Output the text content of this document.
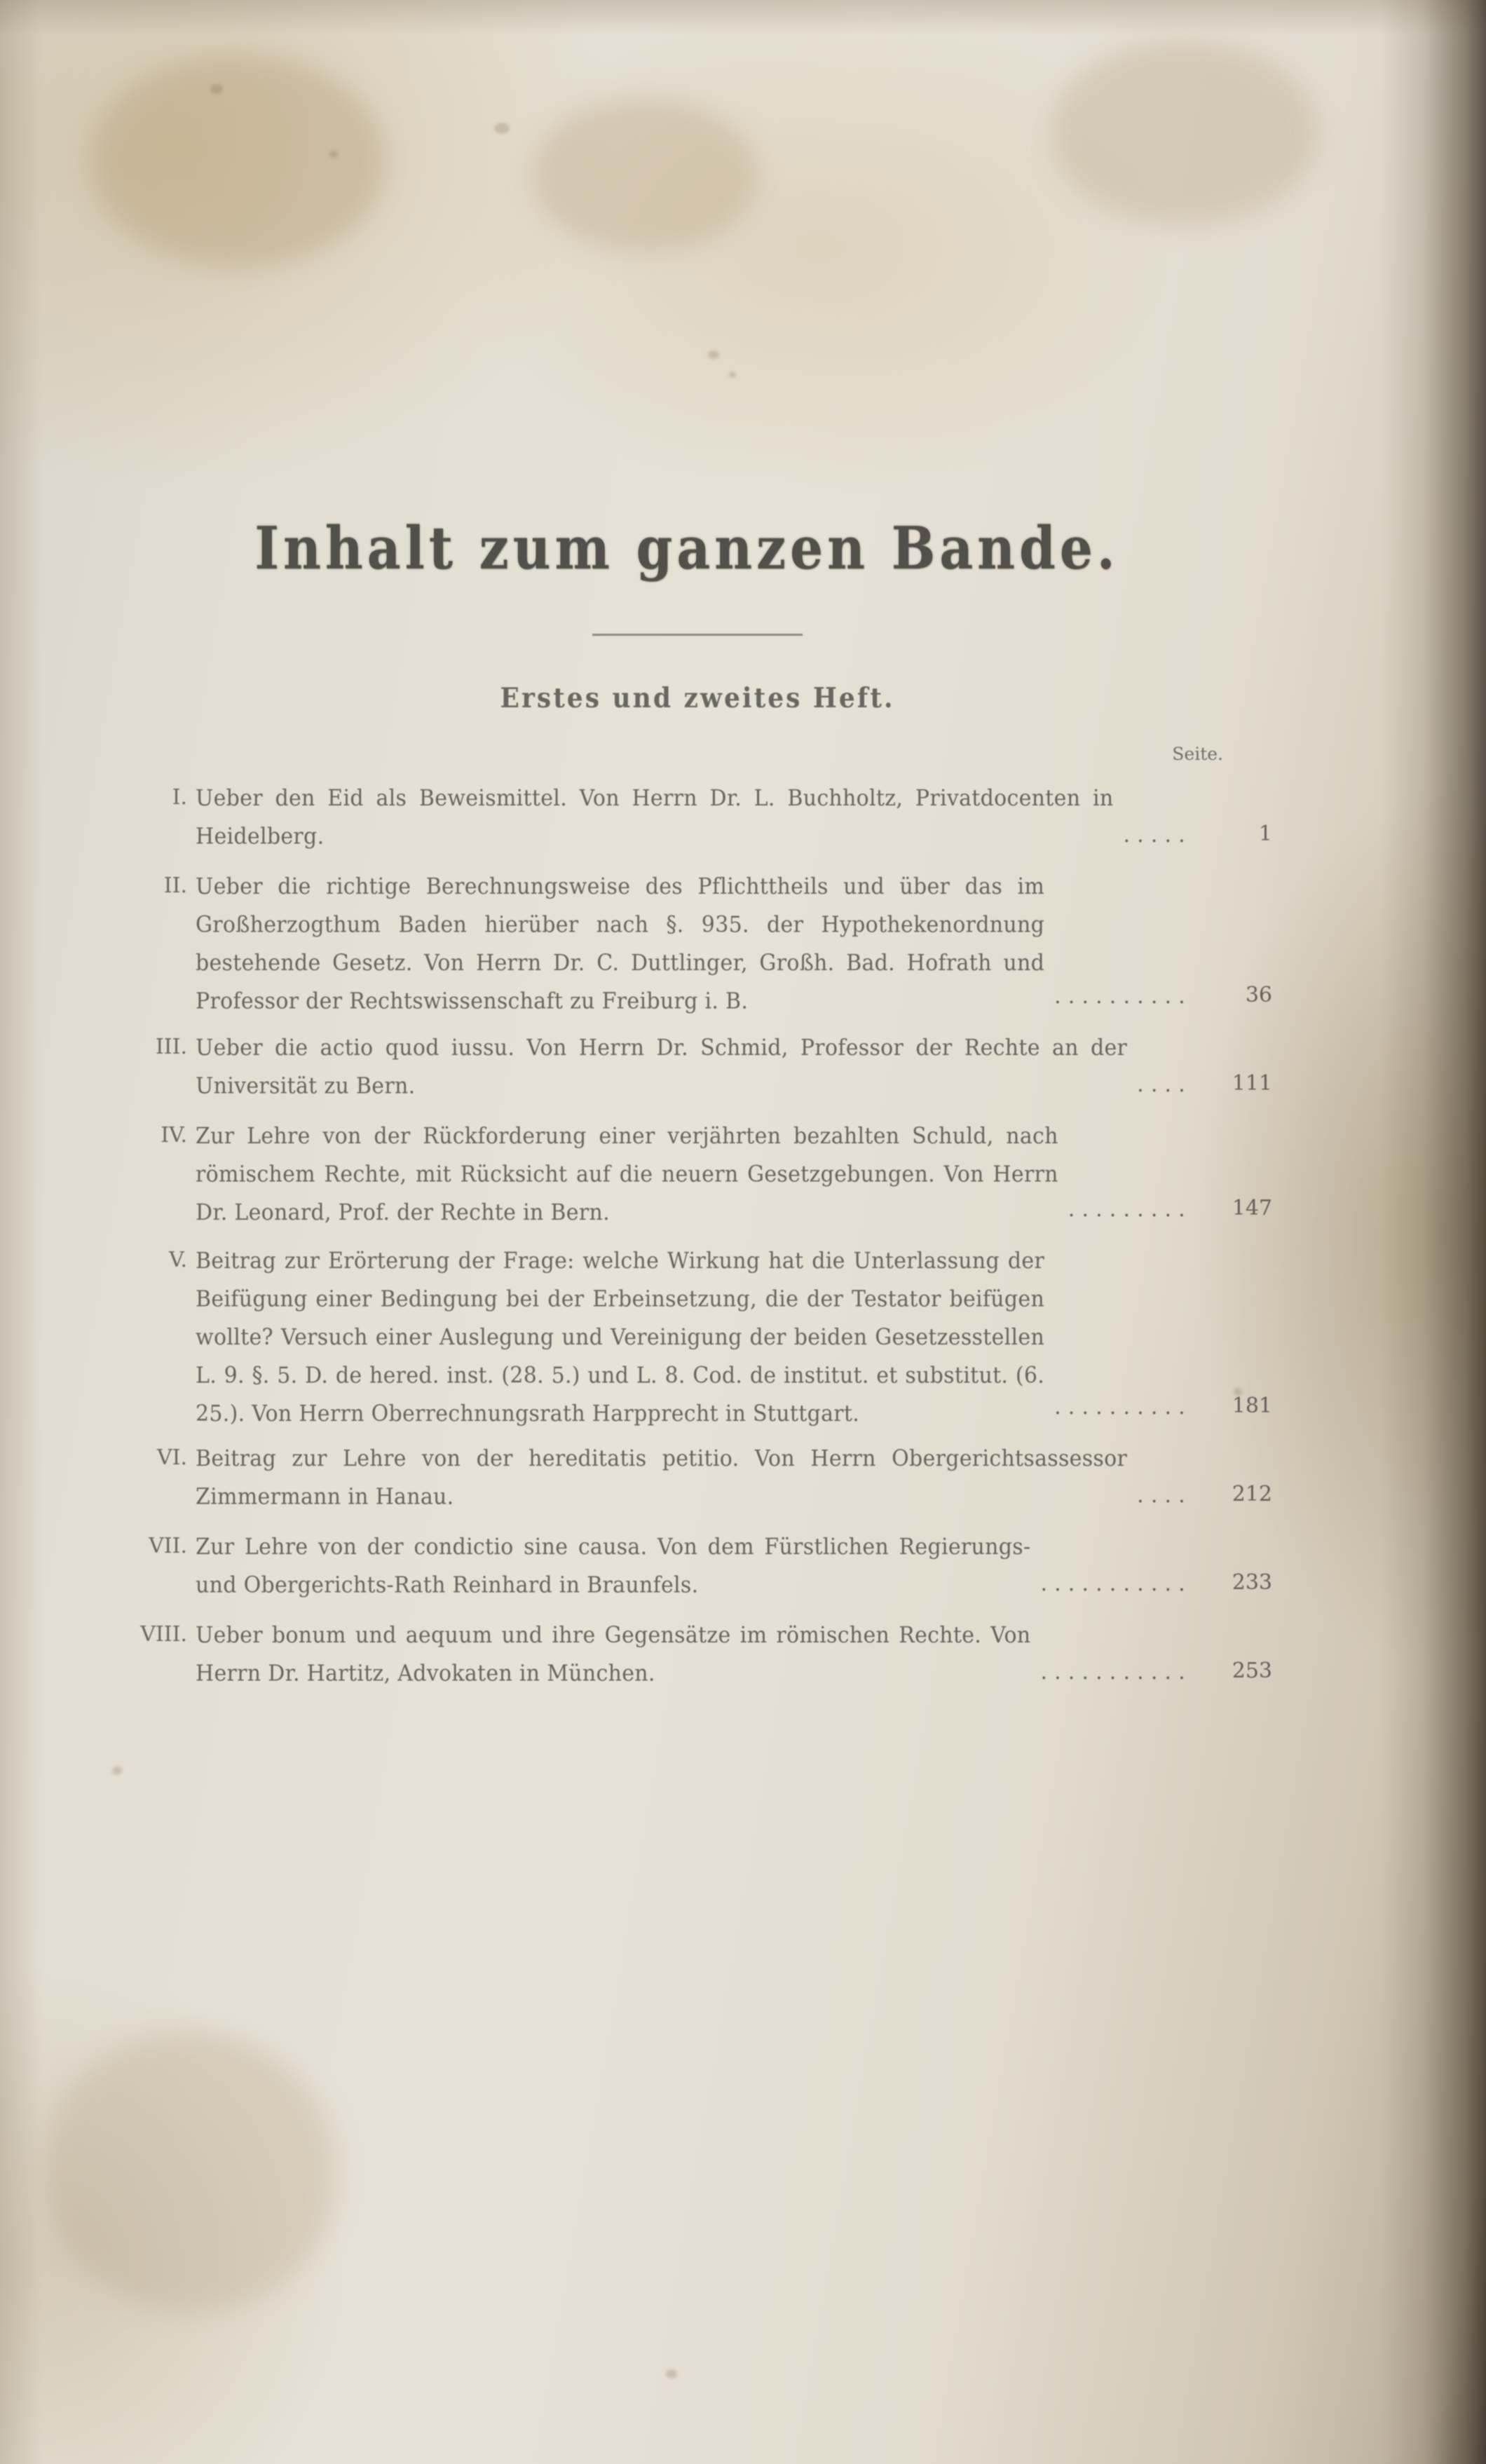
Inhalt zum ganzen Bande.
Erstes und zweites Heft.
Seite.
I. Ueber den Eid als Beweismittel. Von Herrn Dr. L. Buchholtz, Privatdocenten in Heidelberg.	. . . . .	1
II. Ueber die richtige Berechnungsweise des Pflichttheils und über das im Großherzogthum Baden hierüber nach §. 935. der Hypothekenordnung bestehende Gesetz. Von Herrn Dr. C. Duttlinger, Großh. Bad. Hofrath und Professor der Rechtswissenschaft zu Freiburg i. B.	. . . . . . . . . .	36
III. Ueber die actio quod iussu. Von Herrn Dr. Schmid, Professor der Rechte an der Universität zu Bern.	. . . .	111
IV. Zur Lehre von der Rückforderung einer verjährten bezahlten Schuld, nach römischem Rechte, mit Rücksicht auf die neuern Gesetzgebungen. Von Herrn Dr. Leonard, Prof. der Rechte in Bern.	. . . . . . . . .	147
V. Beitrag zur Erörterung der Frage: welche Wirkung hat die Unterlassung der Beifügung einer Bedingung bei der Erbeinsetzung, die der Testator beifügen wollte? Versuch einer Auslegung und Vereinigung der beiden Gesetzesstellen L. 9. §. 5. D. de hered. inst. (28. 5.) und L. 8. Cod. de institut. et substitut. (6. 25.). Von Herrn Oberrechnungsrath Harpprecht in Stuttgart.	. . . . . . . . . .	181
VI. Beitrag zur Lehre von der hereditatis petitio. Von Herrn Obergerichtsassessor Zimmermann in Hanau.	. . . .	212
VII. Zur Lehre von der condictio sine causa. Von dem Fürstlichen Regierungs- und Obergerichts-Rath Reinhard in Braunfels.	. . . . . . . . . . .	233
VIII. Ueber bonum und aequum und ihre Gegensätze im römischen Rechte. Von Herrn Dr. Hartitz, Advokaten in München.	. . . . . . . . . . .	253
